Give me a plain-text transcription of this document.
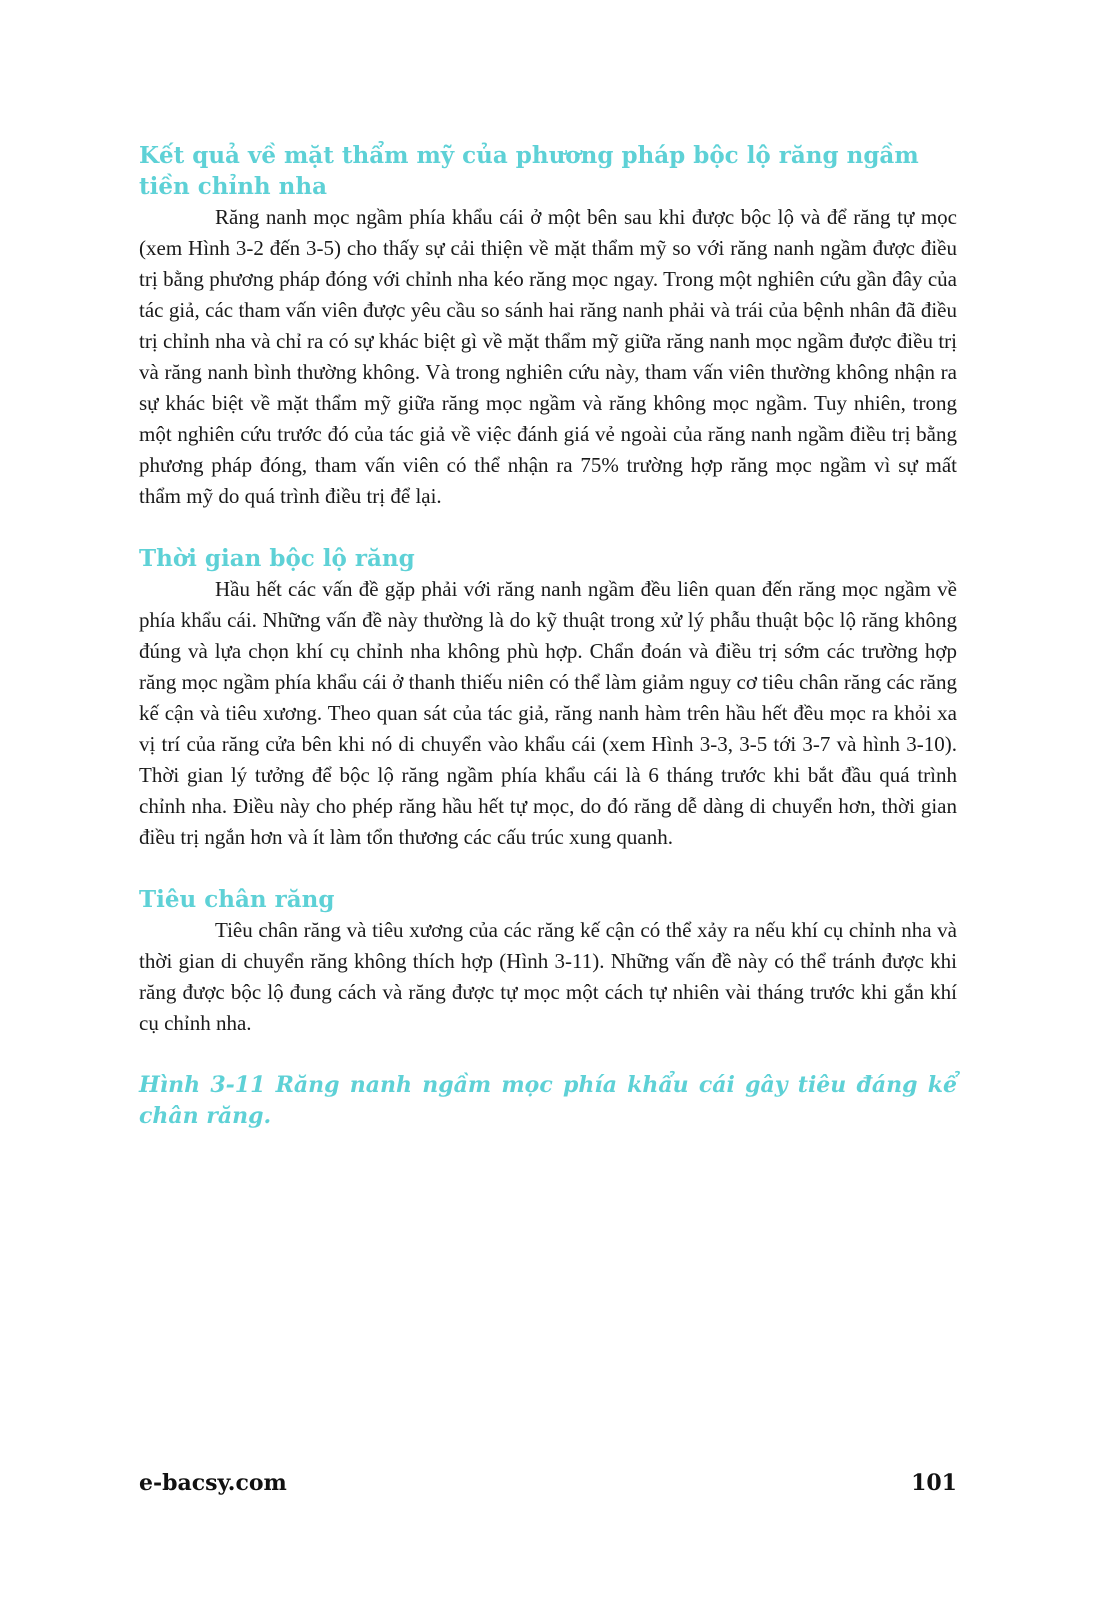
Kết quả về mặt thẩm mỹ của phương pháp bộc lộ răng ngầm tiền chỉnh nha

Răng nanh mọc ngầm phía khẩu cái ở một bên sau khi được bộc lộ và để răng tự mọc (xem Hình 3-2 đến 3-5) cho thấy sự cải thiện về mặt thẩm mỹ so với răng nanh ngầm được điều trị bằng phương pháp đóng với chỉnh nha kéo răng mọc ngay. Trong một nghiên cứu gần đây của tác giả, các tham vấn viên được yêu cầu so sánh hai răng nanh phải và trái của bệnh nhân đã điều trị chỉnh nha và chỉ ra có sự khác biệt gì về mặt thẩm mỹ giữa răng nanh mọc ngầm được điều trị và răng nanh bình thường không. Và trong nghiên cứu này, tham vấn viên thường không nhận ra sự khác biệt về mặt thẩm mỹ giữa răng mọc ngầm và răng không mọc ngầm. Tuy nhiên, trong một nghiên cứu trước đó của tác giả về việc đánh giá vẻ ngoài của răng nanh ngầm điều trị bằng phương pháp đóng, tham vấn viên có thể nhận ra 75% trường hợp răng mọc ngầm vì sự mất thẩm mỹ do quá trình điều trị để lại.

Thời gian bộc lộ răng

Hầu hết các vấn đề gặp phải với răng nanh ngầm đều liên quan đến răng mọc ngầm về phía khẩu cái. Những vấn đề này thường là do kỹ thuật trong xử lý phẫu thuật bộc lộ răng không đúng và lựa chọn khí cụ chỉnh nha không phù hợp. Chẩn đoán và điều trị sớm các trường hợp răng mọc ngầm phía khẩu cái ở thanh thiếu niên có thể làm giảm nguy cơ tiêu chân răng các răng kế cận và tiêu xương. Theo quan sát của tác giả, răng nanh hàm trên hầu hết đều mọc ra khỏi xa vị trí của răng cửa bên khi nó di chuyển vào khẩu cái (xem Hình 3-3, 3-5 tới 3-7 và hình 3-10). Thời gian lý tưởng để bộc lộ răng ngầm phía khẩu cái là 6 tháng trước khi bắt đầu quá trình chỉnh nha. Điều này cho phép răng hầu hết tự mọc, do đó răng dễ dàng di chuyển hơn, thời gian điều trị ngắn hơn và ít làm tổn thương các cấu trúc xung quanh.

Tiêu chân răng

Tiêu chân răng và tiêu xương của các răng kế cận có thể xảy ra nếu khí cụ chỉnh nha và thời gian di chuyển răng không thích hợp (Hình 3-11). Những vấn đề này có thể tránh được khi răng được bộc lộ đung cách và răng được tự mọc một cách tự nhiên vài tháng trước khi gắn khí cụ chỉnh nha.

Hình 3-11 Răng nanh ngầm mọc phía khẩu cái gây tiêu đáng kể chân răng.

e-bacsy.com	101
